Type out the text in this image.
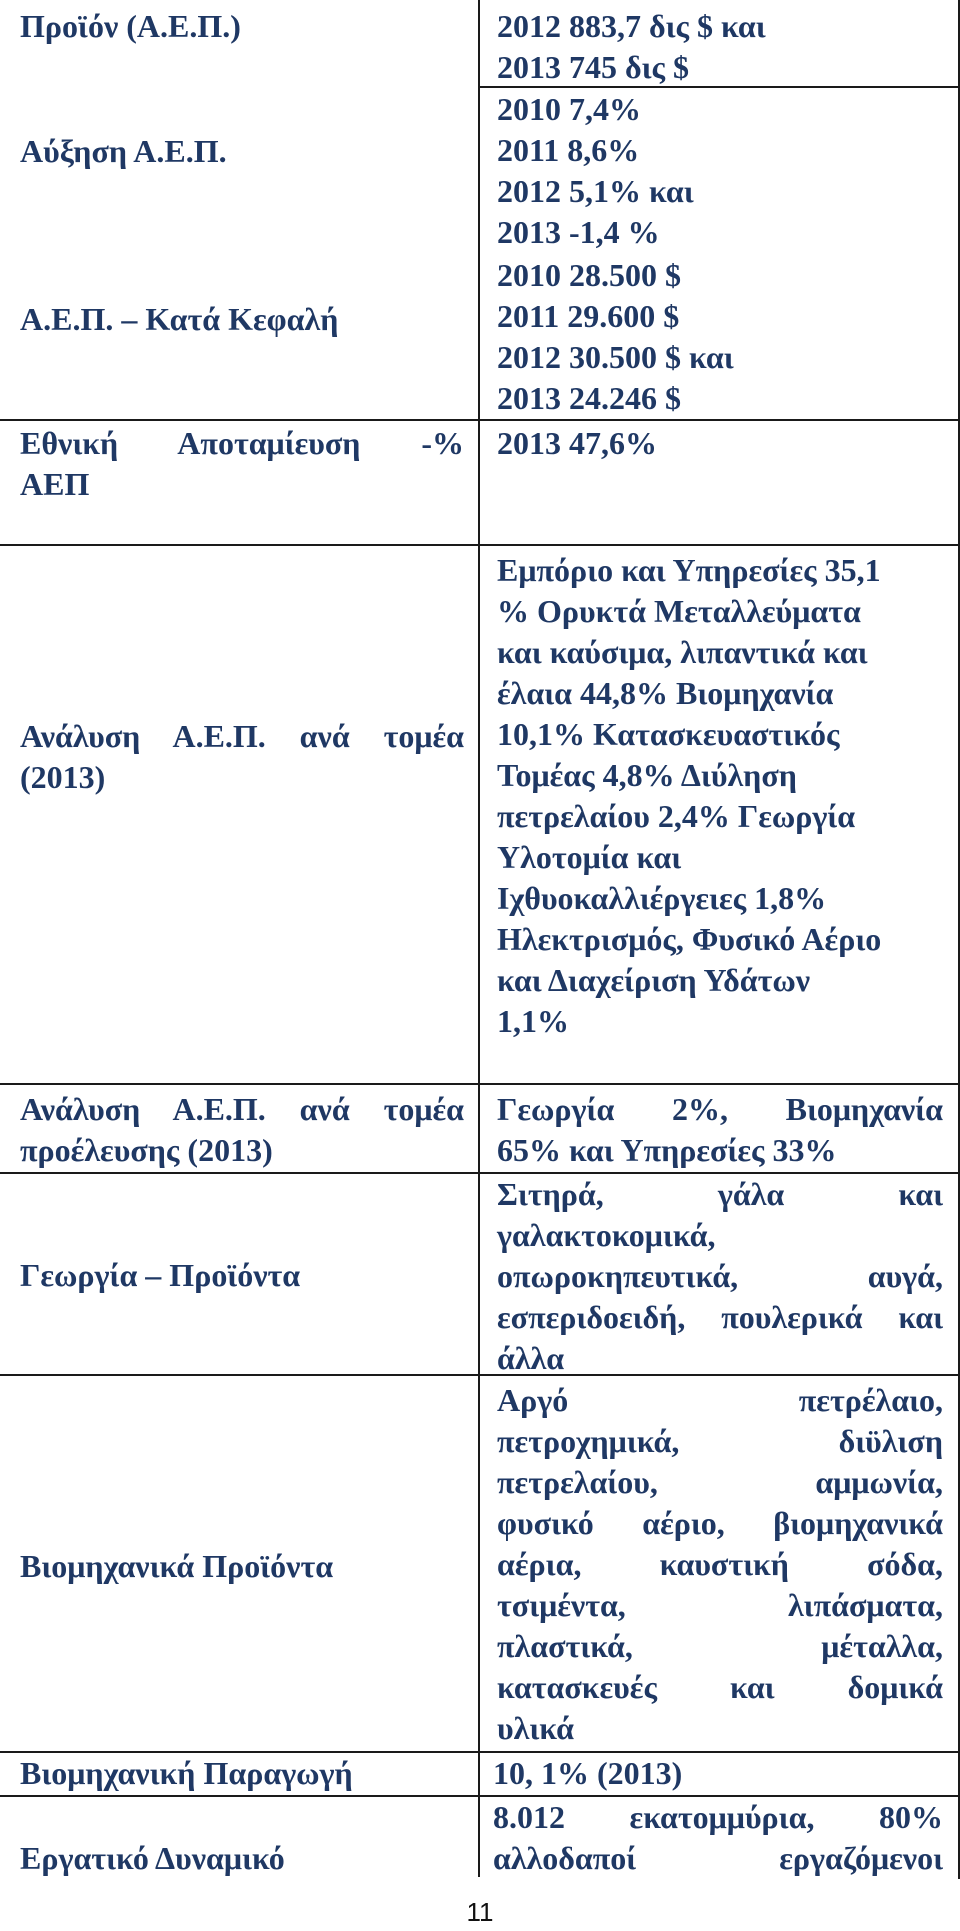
Προϊόν (Α.Ε.Π.)	2012 883,7 δις $ και
2013 745 δις $
Αύξηση Α.Ε.Π.
2010 7,4%
2011 8,6%
2012 5,1% και
2013 -1,4 %
Α.Ε.Π. – Κατά Κεφαλή
2010 28.500 $
2011 29.600 $
2012 30.500 $ και
2013 24.246 $
Εθνική Αποταμίευση -%
ΑΕΠ
2013 47,6%
Ανάλυση Α.Ε.Π. ανά τομέα
(2013)
Εμπόριο και Υπηρεσίες 35,1
% Ορυκτά Μεταλλεύματα
και καύσιμα, λιπαντικά και
έλαια 44,8% Βιομηχανία
10,1% Κατασκευαστικός
Τομέας 4,8% Διύληση
πετρελαίου 2,4% Γεωργία
Υλοτομία και
Ιχθυοκαλλιέργειες 1,8%
Ηλεκτρισμός, Φυσικό Αέριο
και Διαχείριση Υδάτων
1,1%
Ανάλυση Α.Ε.Π. ανά τομέα
προέλευσης (2013)
Γεωργία 2%, Βιομηχανία
65% και Υπηρεσίες 33%
Γεωργία – Προϊόντα
Σιτηρά, γάλα και
γαλακτοκομικά,
οπωροκηπευτικά, αυγά,
εσπεριδοειδή, πουλερικά και
άλλα
Βιομηχανικά Προϊόντα
Αργό πετρέλαιο,
πετροχημικά, διϋλιση
πετρελαίου, αμμωνία,
φυσικό αέριο, βιομηχανικά
αέρια, καυστική σόδα,
τσιμέντα, λιπάσματα,
πλαστικά, μέταλλα,
κατασκευές και δομικά
υλικά
Βιομηχανική Παραγωγή	10, 1% (2013)
Εργατικό Δυναμικό
8.012 εκατομμύρια, 80%
αλλοδαποί εργαζόμενοι
11
